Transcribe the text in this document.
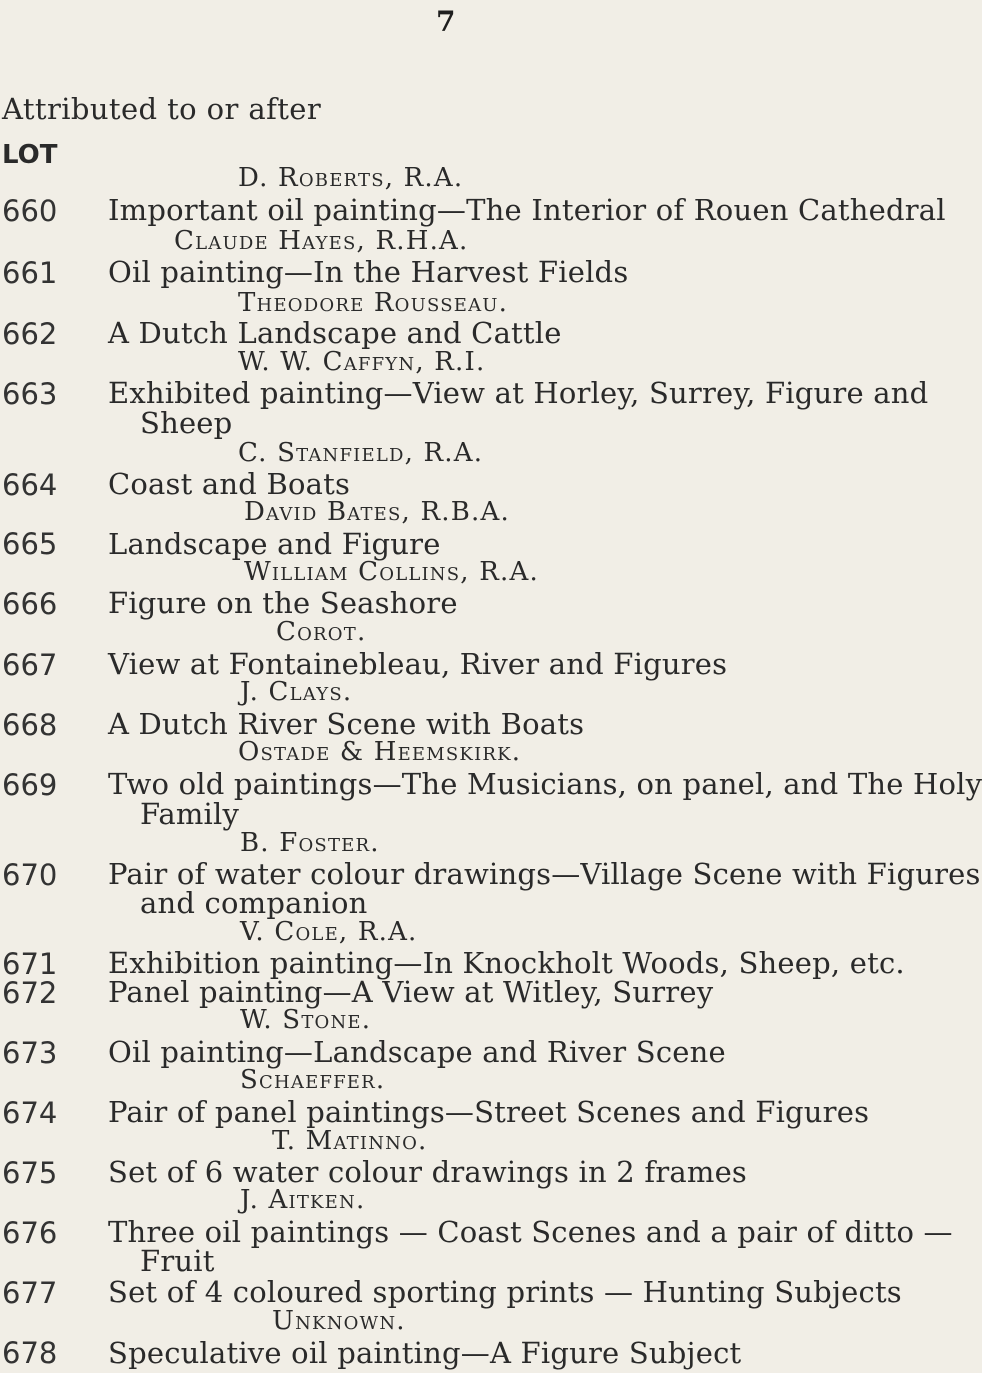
7
Attributed to or after
LOT
D. Roberts, R.A.
660 Important oil painting—The Interior of Rouen Cathedral
Claude Hayes, R.H.A.
661 Oil painting—In the Harvest Fields
Theodore Rousseau.
662 A Dutch Landscape and Cattle
W. W. Caffyn, R.I.
663 Exhibited painting—View at Horley, Surrey, Figure and
Sheep
C. Stanfield, R.A.
664 Coast and Boats
David Bates, R.B.A.
665 Landscape and Figure
William Collins, R.A.
666 Figure on the Seashore
Corot.
667 View at Fontainebleau, River and Figures
J. Clays.
668 A Dutch River Scene with Boats
Ostade & Heemskirk.
669 Two old paintings—The Musicians, on panel, and The Holy
Family
B. Foster.
670 Pair of water colour drawings—Village Scene with Figures
and companion
V. Cole, R.A.
671 Exhibition painting—In Knockholt Woods, Sheep, etc.
672 Panel painting—A View at Witley, Surrey
W. Stone.
673 Oil painting—Landscape and River Scene
Schaeffer.
674 Pair of panel paintings—Street Scenes and Figures
T. Matinno.
675 Set of 6 water colour drawings in 2 frames
J. Aitken.
676 Three oil paintings — Coast Scenes and a pair of ditto —
Fruit
677 Set of 4 coloured sporting prints — Hunting Subjects
Unknown.
678 Speculative oil painting—A Figure Subject
